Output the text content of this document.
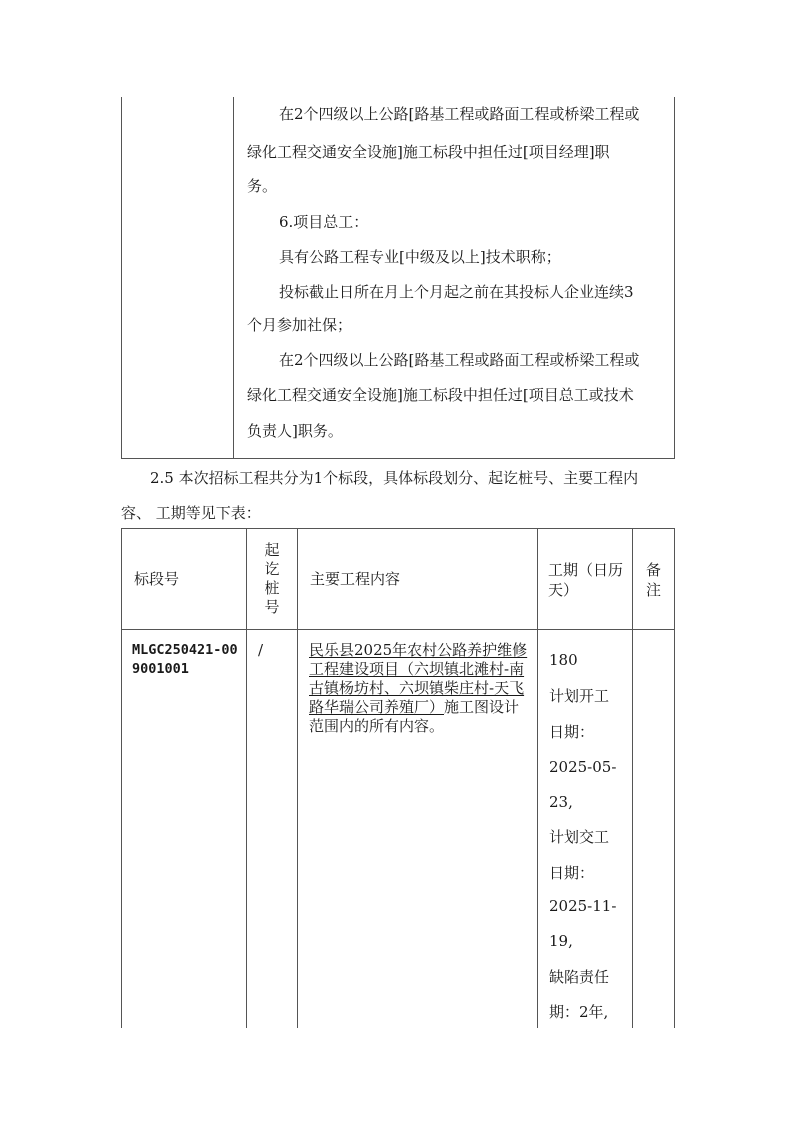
在2个四级以上公路[路基工程或路面工程或桥梁工程或
绿化工程交通安全设施]施工标段中担任过[项目经理]职
务。
6.项目总工：
具有公路工程专业[中级及以上]技术职称；
投标截止日所在月上个月起之前在其投标人企业连续3
个月参加社保；
在2个四级以上公路[路基工程或路面工程或桥梁工程或
绿化工程交通安全设施]施工标段中担任过[项目总工或技术
负责人]职务。
2.5 本次招标工程共分为1个标段，具体标段划分、起讫桩号、主要工程内
容、 工期等见下表：
标段号
起
讫
桩
号
主要工程内容	工期（日历天）
备
注
MLGC250421-009001001
/	民乐县2025年农村公路养护维修工程建设项目（六坝镇北滩村-南古镇杨坊村、六坝镇柴庄村-天飞路华瑞公司养殖厂）施工图设计范围内的所有内容。
180
计划开工
日期：
2025-05-
23,
计划交工
日期：
2025-11-
19,
缺陷责任
期：2年,
